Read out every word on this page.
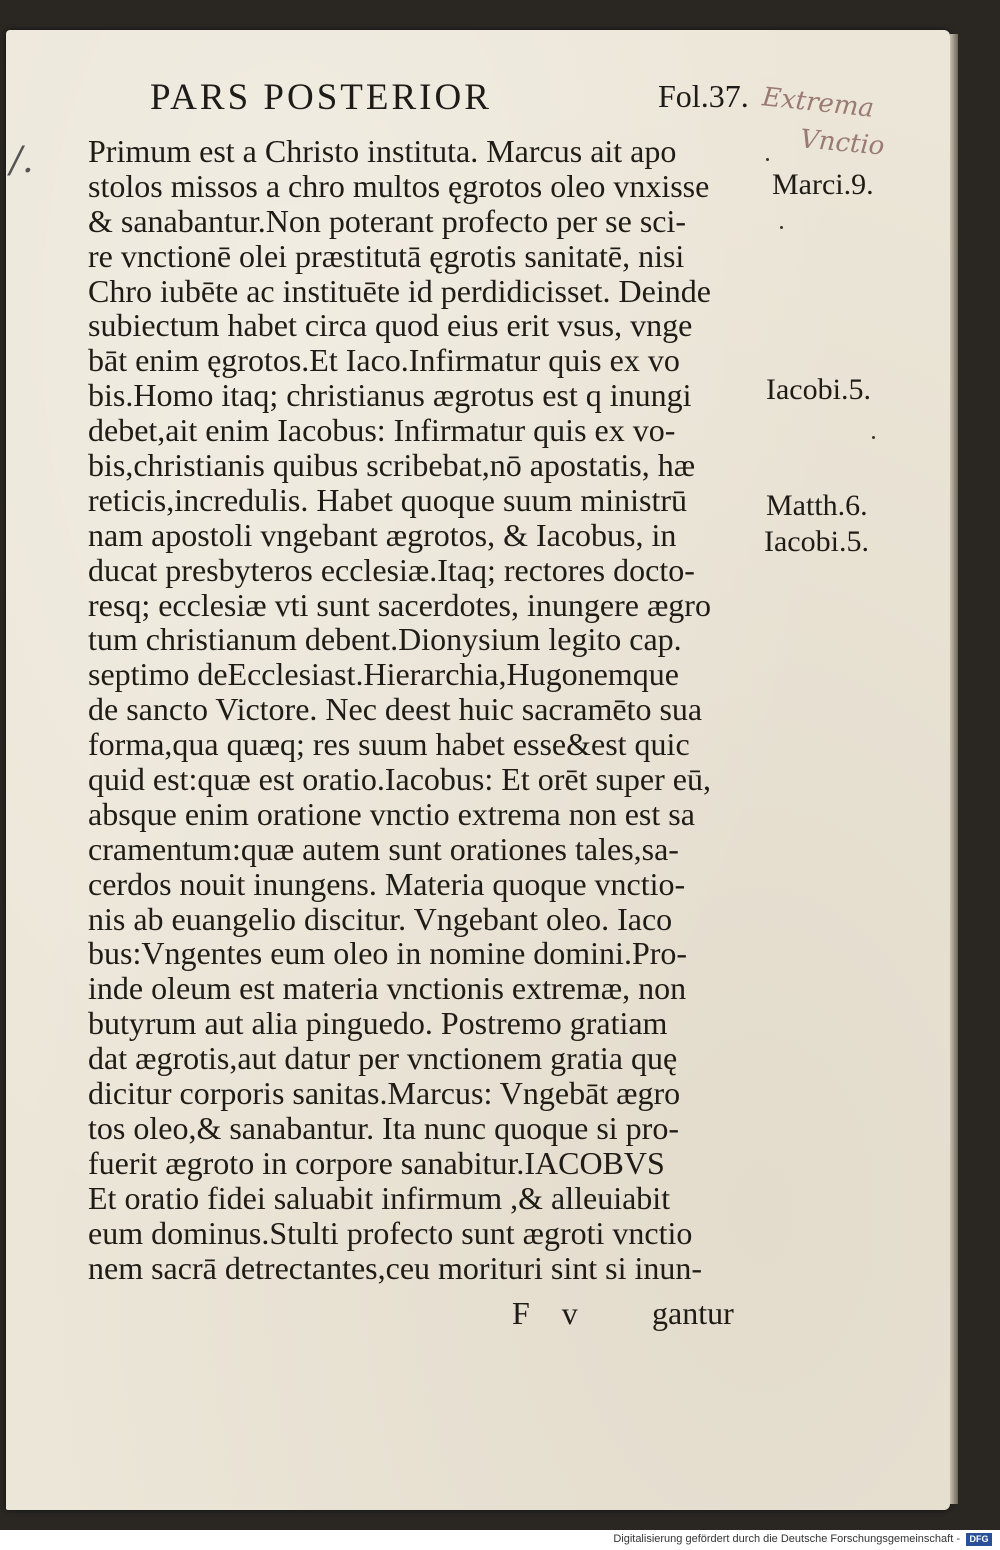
PARS POSTERIOR	Fol.37. Extrema
Vnctio
/. Primum est a Christo instituta. Marcus ait apo
stolos missos a chro multos ęgrotos oleo vnxisse
& sanabantur.Non poterant profecto per se sci-
re vnctionē olei præstitutā ęgrotis sanitatē, nisi
Chro iubēte ac instituēte id perdidicisset. Deinde
subiectum habet circa quod eius erit vsus, vnge
bāt enim ęgrotos.Et Iaco.Infirmatur quis ex vo
bis.Homo itaq; christianus ægrotus est q inungi
debet,ait enim Iacobus: Infirmatur quis ex vo-
bis,christianis quibus scribebat,nō apostatis, hæ
reticis,incredulis. Habet quoque suum ministrū
nam apostoli vngebant ægrotos, & Iacobus, in
ducat presbyteros ecclesiæ.Itaq; rectores docto-
resq; ecclesiæ vti sunt sacerdotes, inungere ægro
tum christianum debent.Dionysium legito cap.
septimo deEcclesiast.Hierarchia,Hugonemque
de sancto Victore. Nec deest huic sacramēto sua
forma,qua quæq; res suum habet esse&est quic
quid est:quæ est oratio.Iacobus: Et orēt super eū,
absque enim oratione vnctio extrema non est sa
cramentum:quæ autem sunt orationes tales,sa-
cerdos nouit inungens. Materia quoque vnctio-
nis ab euangelio discitur. Vngebant oleo. Iaco
bus:Vngentes eum oleo in nomine domini.Pro-
inde oleum est materia vnctionis extremæ, non
butyrum aut alia pinguedo. Postremo gratiam
dat ægrotis,aut datur per vnctionem gratia quę
dicitur corporis sanitas.Marcus: Vngebāt ægro
tos oleo,& sanabantur. Ita nunc quoque si pro-
fuerit ægroto in corpore sanabitur.IACOBVS
Et oratio fidei saluabit infirmum ,& alleuiabit
eum dominus.Stulti profecto sunt ægroti vnctio
nem sacrā detrectantes,ceu morituri sint si inun-
F v gantur
Marci.9.
Iacobi.5.
Matth.6.
Iacobi.5.
Digitalisierung gefördert durch die Deutsche Forschungsgemeinschaft -	DFG
